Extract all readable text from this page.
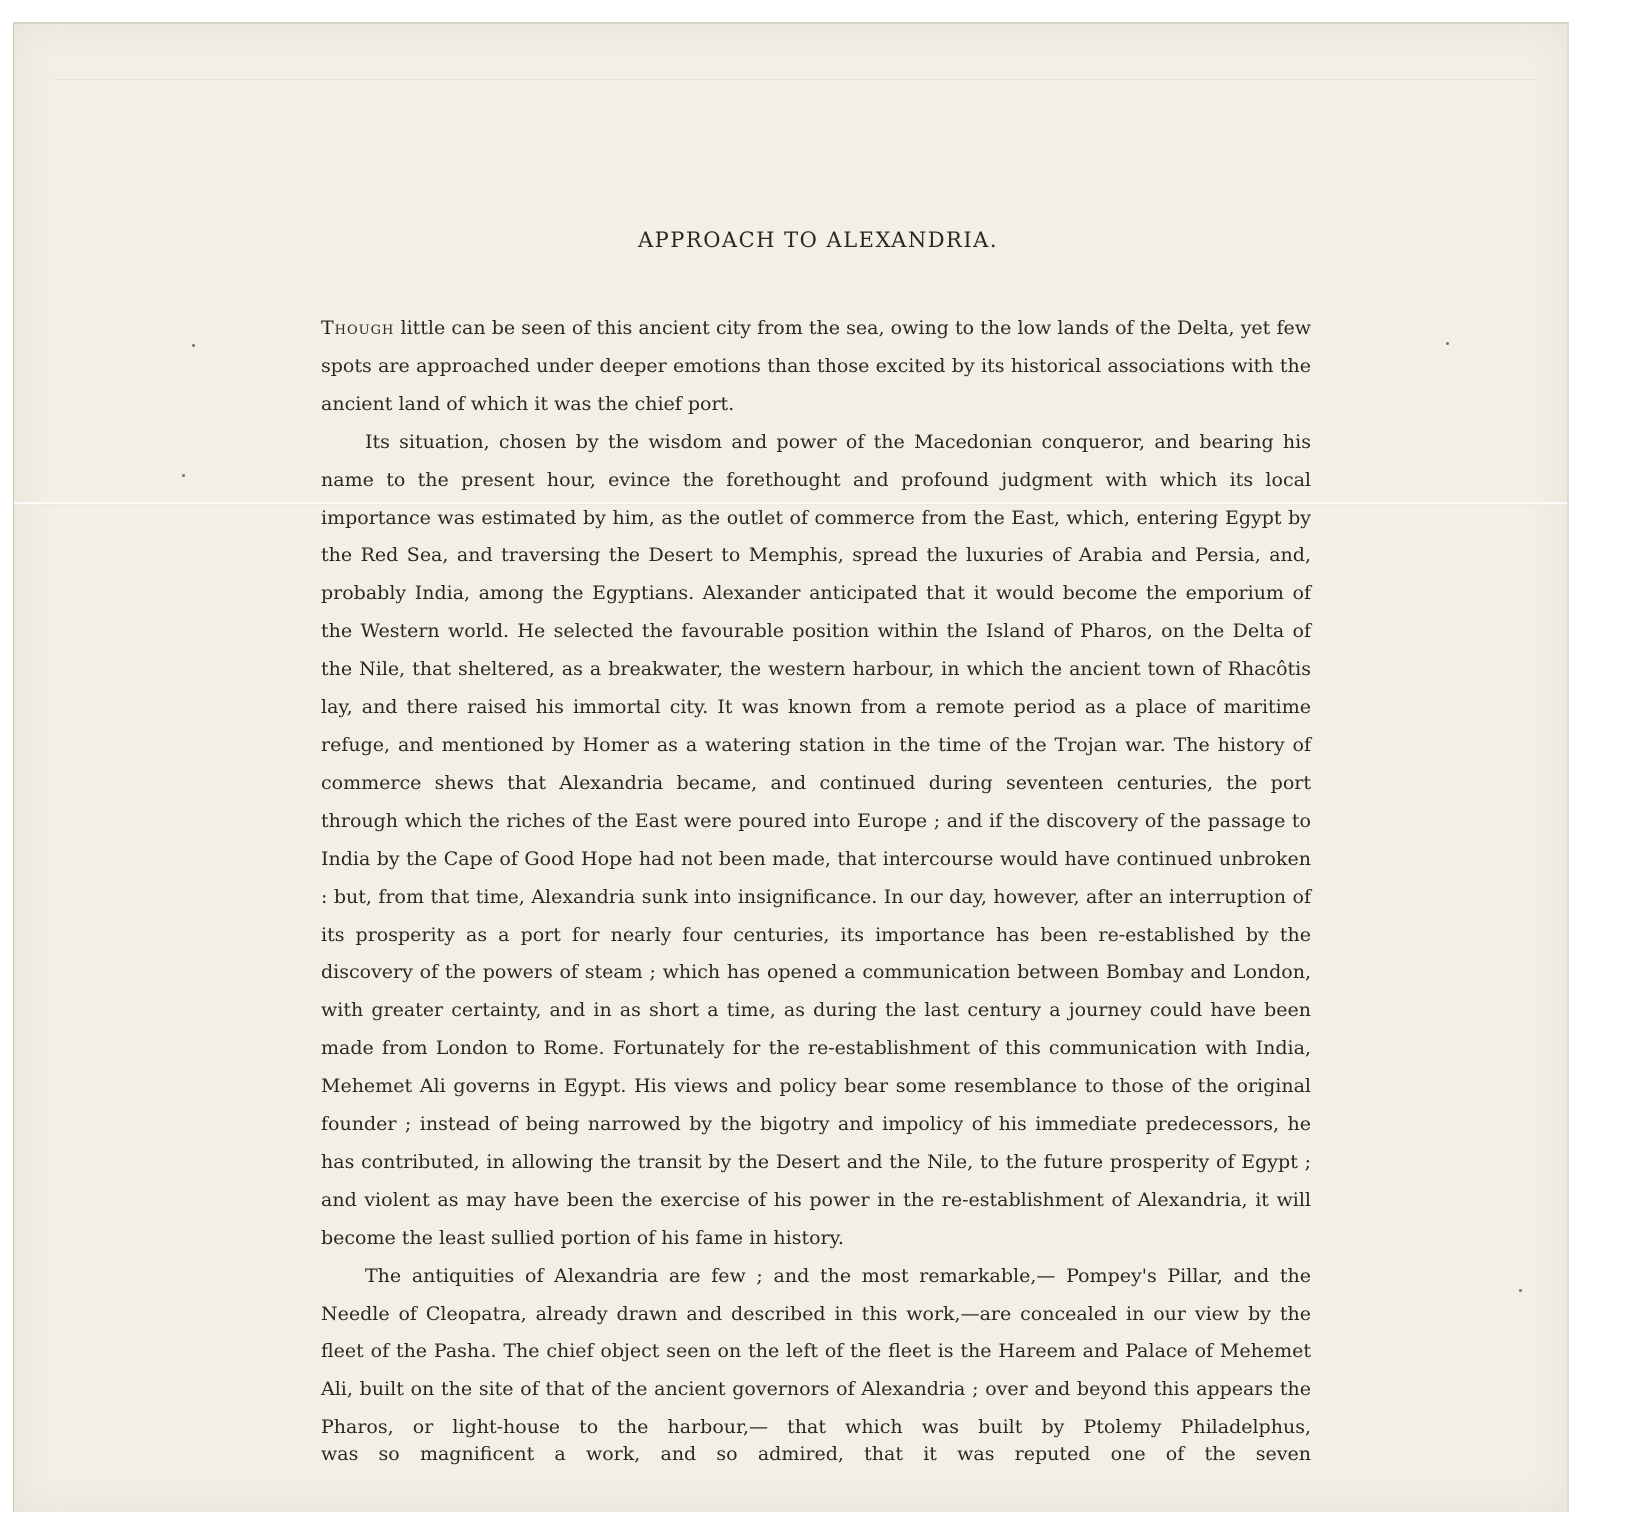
APPROACH TO ALEXANDRIA.

Though little can be seen of this ancient city from the sea, owing to the low lands of the Delta, yet few spots are approached under deeper emotions than those excited by its historical associations with the ancient land of which it was the chief port.

Its situation, chosen by the wisdom and power of the Macedonian conqueror, and bearing his name to the present hour, evince the forethought and profound judgment with which its local importance was estimated by him, as the outlet of commerce from the East, which, entering Egypt by the Red Sea, and traversing the Desert to Memphis, spread the luxuries of Arabia and Persia, and, probably India, among the Egyptians. Alexander anticipated that it would become the emporium of the Western world. He selected the favourable position within the Island of Pharos, on the Delta of the Nile, that sheltered, as a breakwater, the western harbour, in which the ancient town of Rhacôtis lay, and there raised his immortal city. It was known from a remote period as a place of maritime refuge, and mentioned by Homer as a watering station in the time of the Trojan war. The history of commerce shews that Alexandria became, and continued during seventeen centuries, the port through which the riches of the East were poured into Europe ; and if the discovery of the passage to India by the Cape of Good Hope had not been made, that intercourse would have continued unbroken : but, from that time, Alexandria sunk into insignificance. In our day, however, after an interruption of its prosperity as a port for nearly four centuries, its importance has been re-established by the discovery of the powers of steam ; which has opened a communication between Bombay and London, with greater certainty, and in as short a time, as during the last century a journey could have been made from London to Rome. Fortunately for the re-establishment of this communication with India, Mehemet Ali governs in Egypt. His views and policy bear some resemblance to those of the original founder ; instead of being narrowed by the bigotry and impolicy of his immediate predecessors, he has contributed, in allowing the transit by the Desert and the Nile, to the future prosperity of Egypt ; and violent as may have been the exercise of his power in the re-establishment of Alexandria, it will become the least sullied portion of his fame in history.

The antiquities of Alexandria are few ; and the most remarkable,— Pompey's Pillar, and the Needle of Cleopatra, already drawn and described in this work,—are concealed in our view by the fleet of the Pasha. The chief object seen on the left of the fleet is the Hareem and Palace of Mehemet Ali, built on the site of that of the ancient governors of Alexandria ; over and beyond this appears the Pharos, or light-house to the harbour,— that which was built by Ptolemy Philadelphus,

was so magnificent a work, and so admired, that it was reputed one of the seven
